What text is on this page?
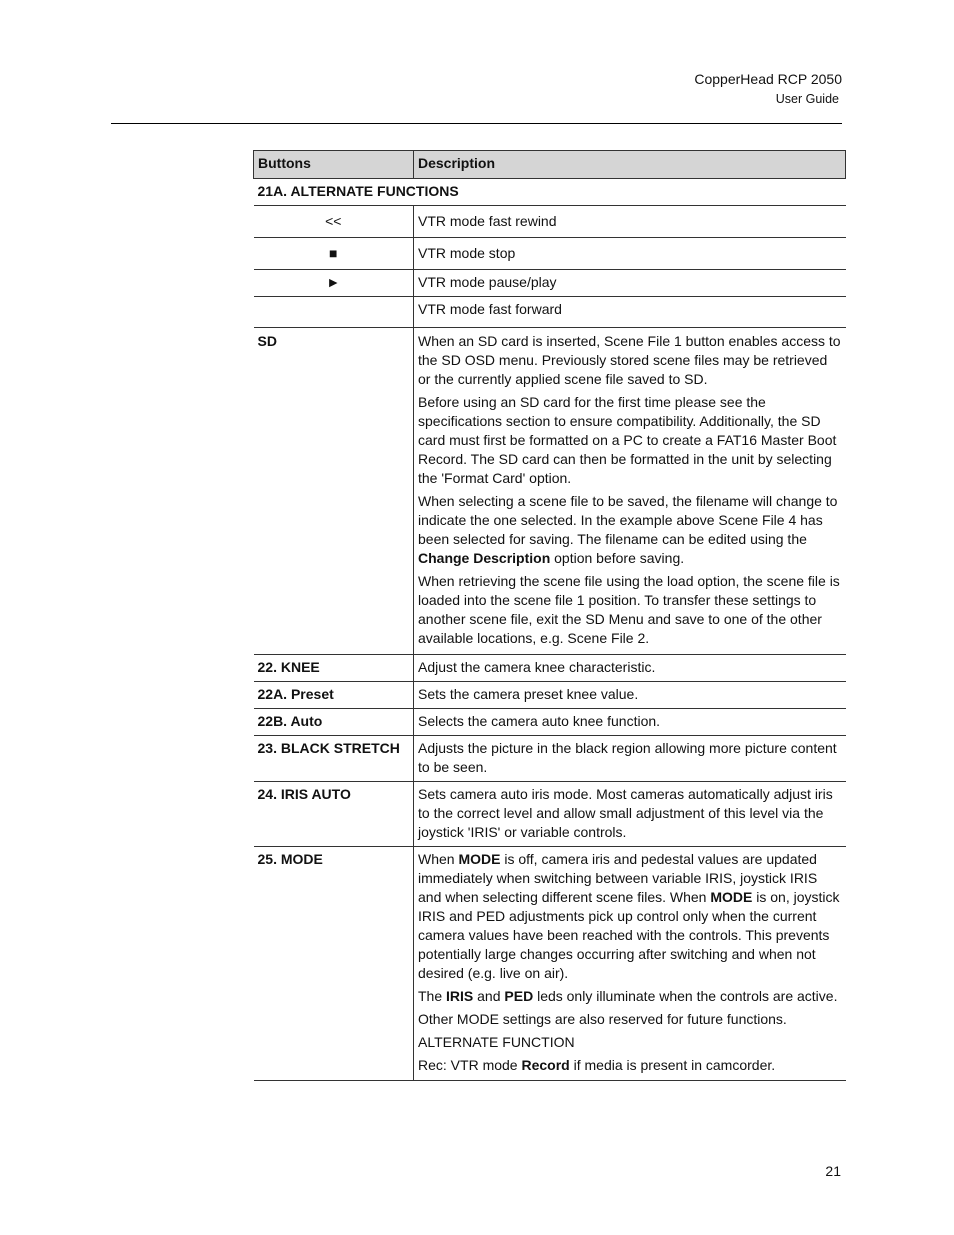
CopperHead RCP 2050
User Guide
Buttons	Description
21A. ALTERNATE FUNCTIONS	
<<	VTR mode fast rewind
■	VTR mode stop
►	VTR mode pause/play
	VTR mode fast forward
SD	When an SD card is inserted, Scene File 1 button enables access to the SD OSD menu. Previously stored scene files may be retrieved or the currently applied scene file saved to SD.

Before using an SD card for the first time please see the specifications section to ensure compatibility. Additionally, the SD card must first be formatted on a PC to create a FAT16 Master Boot Record. The SD card can then be formatted in the unit by selecting the 'Format Card' option.

When selecting a scene file to be saved, the filename will change to indicate the one selected. In the example above Scene File 4 has been selected for saving. The filename can be edited using the Change Description option before saving.

When retrieving the scene file using the load option, the scene file is loaded into the scene file 1 position. To transfer these settings to another scene file, exit the SD Menu and save to one of the other available locations, e.g. Scene File 2.

22. KNEE	Adjust the camera knee characteristic.
22A. Preset	Sets the camera preset knee value.
22B. Auto	Selects the camera auto knee function.
23. BLACK STRETCH	Adjusts the picture in the black region allowing more picture content to be seen.
24. IRIS AUTO	Sets camera auto iris mode. Most cameras automatically adjust iris to the correct level and allow small adjustment of this level via the joystick 'IRIS' or variable controls.
25. MODE	When MODE is off, camera iris and pedestal values are updated immediately when switching between variable IRIS, joystick IRIS and when selecting different scene files. When MODE is on, joystick IRIS and PED adjustments pick up control only when the current camera values have been reached with the controls. This prevents potentially large changes occurring after switching and when not desired (e.g. live on air).

The IRIS and PED leds only illuminate when the controls are active.

Other MODE settings are also reserved for future functions.

ALTERNATE FUNCTION

Rec: VTR mode Record if media is present in camcorder.

21
